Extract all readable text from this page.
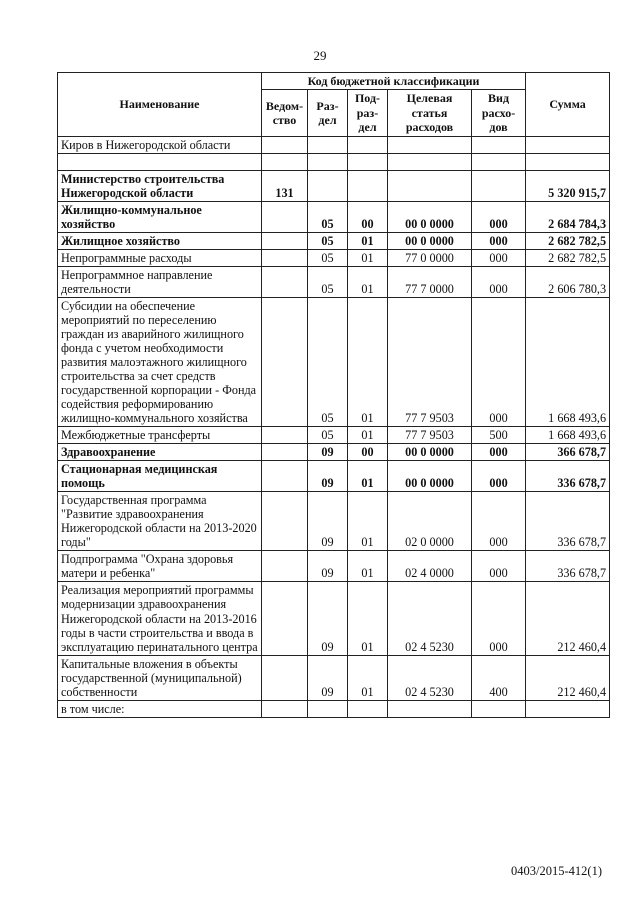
29
Наименование	Код бюджетной классификации					Сумма
	Ведом-ство	Раз-дел	Под-раз-дел	Целевая статья расходов	Вид расхо-дов	
Киров в Нижегородской области						

Министерство строительства Нижегородской области	131					5 320 915,7
Жилищно-коммунальное хозяйство		05	00	00 0 0000	000	2 684 784,3
Жилищное хозяйство		05	01	00 0 0000	000	2 682 782,5
Непрограммные расходы		05	01	77 0 0000	000	2 682 782,5
Непрограммное направление деятельности		05	01	77 7 0000	000	2 606 780,3
Субсидии на обеспечение мероприятий по переселению граждан из аварийного жилищного фонда с учетом необходимости развития малоэтажного жилищного строительства за счет средств государственной корпорации - Фонда содействия реформированию жилищно-коммунального хозяйства		05	01	77 7 9503	000	1 668 493,6
Межбюджетные трансферты		05	01	77 7 9503	500	1 668 493,6
Здравоохранение		09	00	00 0 0000	000	366 678,7
Стационарная медицинская помощь		09	01	00 0 0000	000	336 678,7
Государственная программа "Развитие здравоохранения Нижегородской области на 2013-2020 годы"		09	01	02 0 0000	000	336 678,7
Подпрограмма "Охрана здоровья матери и ребенка"		09	01	02 4 0000	000	336 678,7
Реализация мероприятий программы модернизации здравоохранения Нижегородской области на 2013-2016 годы в части строительства и ввода в эксплуатацию перинатального центра		09	01	02 4 5230	000	212 460,4
Капитальные вложения в объекты государственной (муниципальной) собственности		09	01	02 4 5230	400	212 460,4
в том числе:						
0403/2015-412(1)
